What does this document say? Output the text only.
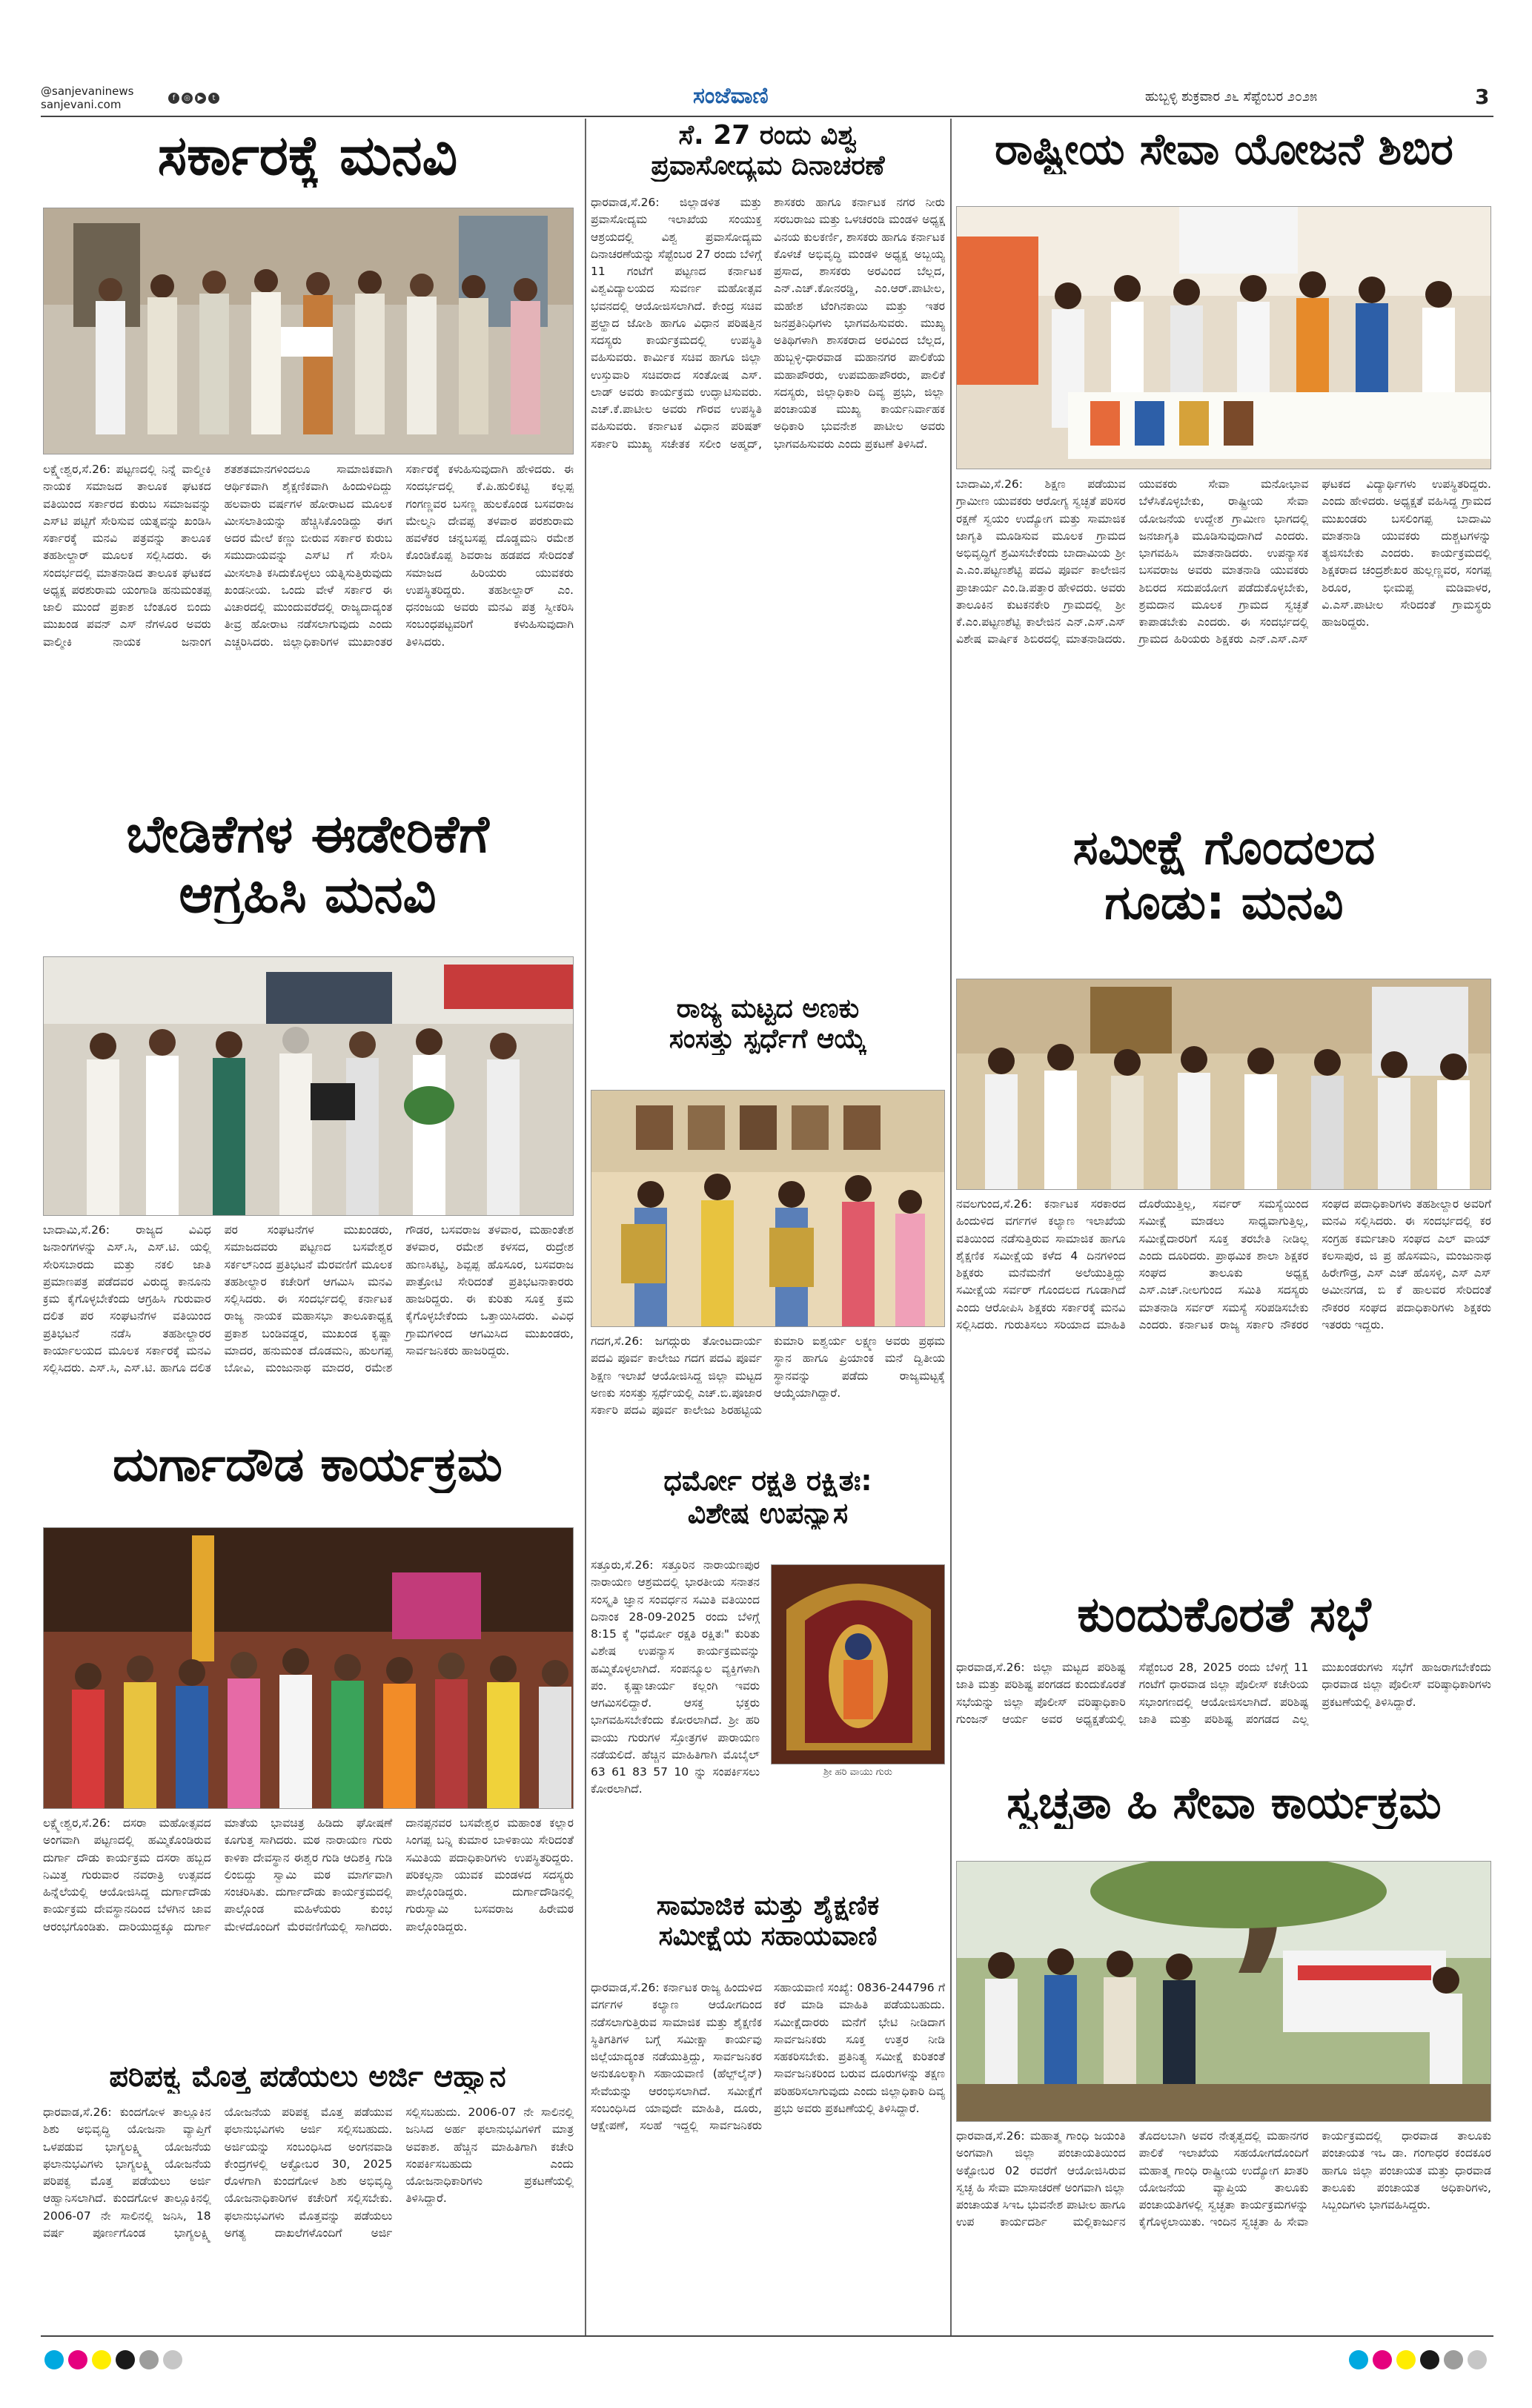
@sanjevaninews
sanjevani.com	f ◎ ▶ t	ಸಂಜೆವಾಣಿ	ಹುಬ್ಬಳ್ಳಿ ಶುಕ್ರವಾರ ೨೬ ಸೆಪ್ಟೆಂಬರ ೨೦೨೫	3
ಸರ್ಕಾರಕ್ಕೆ ಮನವಿ
ಲಕ್ಷ್ಮೇಶ್ವರ,ಸೆ.26: ಪಟ್ಟಣದಲ್ಲಿ ನಿನ್ನೆ ವಾಲ್ಮೀಕಿ ನಾಯಕ ಸಮಾಜದ ತಾಲೂಕ ಘಟಕದ ವತಿಯಿಂದ ಸರ್ಕಾರದ ಕುರುಬ ಸಮಾಜವನ್ನು ಎಸ್‌ಟಿ ಪಟ್ಟಿಗೆ ಸೇರಿಸುವ ಯತ್ನವನ್ನು ಖಂಡಿಸಿ ಸರ್ಕಾರಕ್ಕೆ ಮನವಿ ಪತ್ರವನ್ನು ತಾಲೂಕ ತಹಶೀಲ್ದಾರ್ ಮೂಲಕ ಸಲ್ಲಿಸಿದರು. ಈ ಸಂದರ್ಭದಲ್ಲಿ ಮಾತನಾಡಿದ ತಾಲೂಕ ಘಟಕದ ಅಧ್ಯಕ್ಷ ಪರಶುರಾಮ ಯಂಗಾಡಿ ಹನುಮಂತಪ್ಪ ಜಾಲಿ ಮುಂದೆ ಪ್ರಕಾಶ ಬೆಂತೂರ ಬಿಂದು ಮುಖಂಡ ಪವನ್ ಎಸ್ ನೆಗಳೂರ ಅವರು ವಾಲ್ಮೀಕಿ ನಾಯಕ ಜನಾಂಗ ಶತಶತಮಾನಗಳಿಂದಲೂ ಸಾಮಾಜಿಕವಾಗಿ ಆರ್ಥಿಕವಾಗಿ ಶೈಕ್ಷಣಿಕವಾಗಿ ಹಿಂದುಳಿದಿದ್ದು ಹಲವಾರು ವರ್ಷಗಳ ಹೋರಾಟದ ಮೂಲಕ ಮೀಸಲಾತಿಯನ್ನು ಹೆಚ್ಚಿಸಿಕೊಂಡಿದ್ದು ಈಗ ಅದರ ಮೇಲೆ ಕಣ್ಣು ಬೀರುವ ಸರ್ಕಾರ ಕುರುಬ ಸಮುದಾಯವನ್ನು ಎಸ್‌ಟಿ ಗೆ ಸೇರಿಸಿ ಮೀಸಲಾತಿ ಕಸಿದುಕೊಳ್ಳಲು ಯತ್ನಿಸುತ್ತಿರುವುದು ಖಂಡನೀಯ. ಒಂದು ವೇಳೆ ಸರ್ಕಾರ ಈ ವಿಚಾರದಲ್ಲಿ ಮುಂದುವರೆದಲ್ಲಿ ರಾಜ್ಯದಾದ್ಯಂತ ತೀವ್ರ ಹೋರಾಟ ನಡೆಸಲಾಗುವುದು ಎಂದು ಎಚ್ಚರಿಸಿದರು. ಜಿಲ್ಲಾಧಿಕಾರಿಗಳ ಮುಖಾಂತರ ಸರ್ಕಾರಕ್ಕೆ ಕಳುಹಿಸುವುದಾಗಿ ಹೇಳಿದರು. ಈ ಸಂದರ್ಭದಲ್ಲಿ ಕೆ.ಪಿ.ಹುಲಿಕಟ್ಟಿ ಕಲ್ಲಪ್ಪ ಗಂಗಣ್ಣವರ ಬಸಣ್ಣ ಹುಲಕೊಂಡ ಬಸವರಾಜ ಮೇಲ್ಮನಿ ದೇವಪ್ಪ ತಳವಾರ ಪರಶುರಾಮ ಹವಳೆಕರ ಚನ್ನಬಸಪ್ಪ ದೊಡ್ಡಮನಿ ರಮೇಶ ಕೊಂಡಿಕೊಪ್ಪ ಶಿವರಾಜ ಹಡಪದ ಸೇರಿದಂತೆ ಸಮಾಜದ ಹಿರಿಯರು ಯುವಕರು ಉಪಸ್ಥಿತರಿದ್ದರು. ತಹಶೀಲ್ದಾರ್ ಎಂ. ಧನಂಜಯ ಅವರು ಮನವಿ ಪತ್ರ ಸ್ವೀಕರಿಸಿ ಸಂಬಂಧಪಟ್ಟವರಿಗೆ ಕಳುಹಿಸುವುದಾಗಿ ತಿಳಿಸಿದರು.
ಬೇಡಿಕೆಗಳ ಈಡೇರಿಕೆಗೆ
ಆಗ್ರಹಿಸಿ ಮನವಿ
ಬಾದಾಮಿ,ಸೆ.26: ರಾಜ್ಯದ ವಿವಿಧ ಜನಾಂಗಗಳನ್ನು ಎಸ್.ಸಿ, ಎಸ್.ಟಿ. ಯಲ್ಲಿ ಸೇರಿಸಬಾರದು ಮತ್ತು ನಕಲಿ ಜಾತಿ ಪ್ರಮಾಣಪತ್ರ ಪಡೆದವರ ವಿರುದ್ಧ ಕಾನೂನು ಕ್ರಮ ಕೈಗೊಳ್ಳಬೇಕೆಂದು ಆಗ್ರಹಿಸಿ ಗುರುವಾರ ದಲಿತ ಪರ ಸಂಘಟನೆಗಳ ವತಿಯಿಂದ ಪ್ರತಿಭಟನೆ ನಡೆಸಿ ತಹಶೀಲ್ದಾರರ ಕಾರ್ಯಾಲಯದ ಮೂಲಕ ಸರ್ಕಾರಕ್ಕೆ ಮನವಿ ಸಲ್ಲಿಸಿದರು. ಎಸ್.ಸಿ, ಎಸ್.ಟಿ. ಹಾಗೂ ದಲಿತ ಪರ ಸಂಘಟನೆಗಳ ಮುಖಂಡರು, ಸಮಾಜದವರು ಪಟ್ಟಣದ ಬಸವೇಶ್ವರ ಸರ್ಕಲ್‌ನಿಂದ ಪ್ರತಿಭಟನೆ ಮೆರವಣಿಗೆ ಮೂಲಕ ತಹಶೀಲ್ದಾರ ಕಚೇರಿಗೆ ಆಗಮಿಸಿ ಮನವಿ ಸಲ್ಲಿಸಿದರು. ಈ ಸಂದರ್ಭದಲ್ಲಿ ಕರ್ನಾಟಕ ರಾಜ್ಯ ನಾಯಕ ಮಹಾಸಭಾ ತಾಲೂಕಾಧ್ಯಕ್ಷ ಪ್ರಕಾಶ ಬಂಡಿವಡ್ಡರ, ಮುಖಂಡ ಕೃಷ್ಣಾ ಮಾದರ, ಹನುಮಂತ ದೊಡಮನಿ, ಹುಲಗಪ್ಪ ಬೋವಿ, ಮಂಜುನಾಥ ಮಾದರ, ರಮೇಶ ಗೌಡರ, ಬಸವರಾಜ ತಳವಾರ, ಮಹಾಂತೇಶ ತಳವಾರ, ರಮೇಶ ಕಳಸದ, ರುದ್ರೇಶ ಹುಣಸಿಕಟ್ಟಿ, ಶಿವ್ಪಪ್ಪ ಹೊಸೂರ, ಬಸವರಾಜ ಪಾತ್ರೋಟಿ ಸೇರಿದಂತೆ ಪ್ರತಿಭಟನಾಕಾರರು ಹಾಜರಿದ್ದರು. ಈ ಕುರಿತು ಸೂಕ್ತ ಕ್ರಮ ಕೈಗೊಳ್ಳಬೇಕೆಂದು ಒತ್ತಾಯಿಸಿದರು. ವಿವಿಧ ಗ್ರಾಮಗಳಿಂದ ಆಗಮಿಸಿದ ಮುಖಂಡರು, ಸಾರ್ವಜನಿಕರು ಹಾಜರಿದ್ದರು.
ದುರ್ಗಾದೌಡ ಕಾರ್ಯಕ್ರಮ
ಲಕ್ಷ್ಮೇಶ್ವರ,ಸೆ.26: ದಸರಾ ಮಹೋತ್ಸವದ ಅಂಗವಾಗಿ ಪಟ್ಟಣದಲ್ಲಿ ಹಮ್ಮಿಕೊಂಡಿರುವ ದುರ್ಗಾ ದೌಡು ಕಾರ್ಯಕ್ರಮ ದಸರಾ ಹಬ್ಬದ ನಿಮಿತ್ತ ಗುರುವಾರ ನವರಾತ್ರಿ ಉತ್ಸವದ ಹಿನ್ನೆಲೆಯಲ್ಲಿ ಆಯೋಜಿಸಿದ್ದ ದುರ್ಗಾದೌಡು ಕಾರ್ಯಕ್ರಮ ದೇವಸ್ಥಾನದಿಂದ ಬೆಳಗಿನ ಜಾವ ಆರಂಭಗೊಂಡಿತು. ದಾರಿಯುದ್ದಕ್ಕೂ ದುರ್ಗಾ ಮಾತೆಯ ಭಾವಚಿತ್ರ ಹಿಡಿದು ಘೋಷಣೆ ಕೂಗುತ್ತ ಸಾಗಿದರು. ಮಠ ನಾರಾಯಣ ಗುರು ಕಾಳಿಕಾ ದೇವಸ್ಥಾನ ಈಶ್ವರ ಗುಡಿ ಆದಿಶಕ್ತಿ ಗುಡಿ ಲಿಂಬಿದ್ದು ಸ್ವಾಮಿ ಮಠ ಮಾರ್ಗವಾಗಿ ಸಂಚರಿಸಿತು. ದುರ್ಗಾದೌಡು ಕಾರ್ಯಕ್ರಮದಲ್ಲಿ ಪಾಲ್ಗೊಂಡ ಮಹಿಳೆಯರು ಕುಂಭ ಮೇಳದೊಂದಿಗೆ ಮೆರವಣಿಗೆಯಲ್ಲಿ ಸಾಗಿದರು. ದಾನಪ್ಪನವರ ಬಸವೇಶ್ವರ ಮಹಾಂತ ಕಲ್ಲಾರ ಸಿಂಗಪ್ಪ ಬನ್ನಿ ಕುಮಾರ ಬಾಳಿಕಾಯಿ ಸೇರಿದಂತೆ ಸಮಿತಿಯ ಪದಾಧಿಕಾರಿಗಳು ಉಪಸ್ಥಿತರಿದ್ದರು. ಪರಿಕಲ್ಪನಾ ಯುವಕ ಮಂಡಳದ ಸದಸ್ಯರು ಪಾಲ್ಗೊಂಡಿದ್ದರು. ದುರ್ಗಾದೌಡಿನಲ್ಲಿ ಗುರುಸ್ವಾಮಿ ಬಸವರಾಜ ಹಿರೇಮಠ ಪಾಲ್ಗೊಂಡಿದ್ದರು.
ಪರಿಪಕ್ವ ಮೊತ್ತ ಪಡೆಯಲು ಅರ್ಜಿ ಆಹ್ವಾನ
ಧಾರವಾಡ,ಸೆ.26: ಕುಂದಗೋಳ ತಾಲ್ಲೂಕಿನ ಶಿಶು ಅಭಿವೃದ್ಧಿ ಯೋಜನಾ ವ್ಯಾಪ್ತಿಗೆ ಒಳಪಡುವ ಭಾಗ್ಯಲಕ್ಷ್ಮಿ ಯೋಜನೆಯ ಫಲಾನುಭವಿಗಳು ಭಾಗ್ಯಲಕ್ಷ್ಮಿ ಯೋಜನೆಯ ಪರಿಪಕ್ವ ಮೊತ್ತ ಪಡೆಯಲು ಅರ್ಜಿ ಆಹ್ವಾನಿಸಲಾಗಿದೆ. ಕುಂದಗೋಳ ತಾಲ್ಲೂಕಿನಲ್ಲಿ 2006-07 ನೇ ಸಾಲಿನಲ್ಲಿ ಜನಿಸಿ, 18 ವರ್ಷ ಪೂರ್ಣಗೊಂಡ ಭಾಗ್ಯಲಕ್ಷ್ಮಿ ಯೋಜನೆಯ ಪರಿಪಕ್ವ ಮೊತ್ತ ಪಡೆಯುವ ಫಲಾನುಭವಿಗಳು ಅರ್ಜಿ ಸಲ್ಲಿಸಬಹುದು. ಅರ್ಜಿಯನ್ನು ಸಂಬಂಧಿಸಿದ ಅಂಗನವಾಡಿ ಕೇಂದ್ರಗಳಲ್ಲಿ ಅಕ್ಟೋಬರ 30, 2025 ರೊಳಗಾಗಿ ಕುಂದಗೋಳ ಶಿಶು ಅಭಿವೃದ್ಧಿ ಯೋಜನಾಧಿಕಾರಿಗಳ ಕಚೇರಿಗೆ ಸಲ್ಲಿಸಬೇಕು. ಫಲಾನುಭವಿಗಳು ಮೊತ್ತವನ್ನು ಪಡೆಯಲು ಅಗತ್ಯ ದಾಖಲೆಗಳೊಂದಿಗೆ ಅರ್ಜಿ ಸಲ್ಲಿಸಬಹುದು. 2006-07 ನೇ ಸಾಲಿನಲ್ಲಿ ಜನಿಸಿದ ಅರ್ಹ ಫಲಾನುಭವಿಗಳಿಗೆ ಮಾತ್ರ ಅವಕಾಶ. ಹೆಚ್ಚಿನ ಮಾಹಿತಿಗಾಗಿ ಕಚೇರಿ ಸಂಪರ್ಕಿಸಬಹುದು ಎಂದು ಯೋಜನಾಧಿಕಾರಿಗಳು ಪ್ರಕಟಣೆಯಲ್ಲಿ ತಿಳಿಸಿದ್ದಾರೆ.
ಸೆ. 27 ರಂದು ವಿಶ್ವ
ಪ್ರವಾಸೋದ್ಯಮ ದಿನಾಚರಣೆ
ಧಾರವಾಡ,ಸೆ.26: ಜಿಲ್ಲಾಡಳಿತ ಮತ್ತು ಪ್ರವಾಸೋದ್ಯಮ ಇಲಾಖೆಯ ಸಂಯುಕ್ತ ಆಶ್ರಯದಲ್ಲಿ ವಿಶ್ವ ಪ್ರವಾಸೋದ್ಯಮ ದಿನಾಚರಣೆಯನ್ನು ಸೆಪ್ಟೆಂಬರ 27 ರಂದು ಬೆಳಿಗ್ಗೆ 11 ಗಂಟೆಗೆ ಪಟ್ಟಣದ ಕರ್ನಾಟಕ ವಿಶ್ವವಿದ್ಯಾಲಯದ ಸುವರ್ಣ ಮಹೋತ್ಸವ ಭವನದಲ್ಲಿ ಆಯೋಜಿಸಲಾಗಿದೆ. ಕೇಂದ್ರ ಸಚಿವ ಪ್ರಲ್ಹಾದ ಜೋಶಿ ಹಾಗೂ ವಿಧಾನ ಪರಿಷತ್ತಿನ ಸದಸ್ಯರು ಕಾರ್ಯಕ್ರಮದಲ್ಲಿ ಉಪಸ್ಥಿತಿ ವಹಿಸುವರು. ಕಾರ್ಮಿಕ ಸಚಿವ ಹಾಗೂ ಜಿಲ್ಲಾ ಉಸ್ತುವಾರಿ ಸಚಿವರಾದ ಸಂತೋಷ ಎಸ್. ಲಾಡ್ ಅವರು ಕಾರ್ಯಕ್ರಮ ಉದ್ಘಾಟಿಸುವರು. ಎಚ್.ಕೆ.ಪಾಟೀಲ ಅವರು ಗೌರವ ಉಪಸ್ಥಿತಿ ವಹಿಸುವರು. ಕರ್ನಾಟಕ ವಿಧಾನ ಪರಿಷತ್ ಸರ್ಕಾರಿ ಮುಖ್ಯ ಸಚೇತಕ ಸಲೀಂ ಅಹ್ಮದ್, ಶಾಸಕರು ಹಾಗೂ ಕರ್ನಾಟಕ ನಗರ ನೀರು ಸರಬರಾಜು ಮತ್ತು ಒಳಚರಂಡಿ ಮಂಡಳಿ ಅಧ್ಯಕ್ಷ ವಿನಯ ಕುಲಕರ್ಣಿ, ಶಾಸಕರು ಹಾಗೂ ಕರ್ನಾಟಕ ಕೊಳಚೆ ಅಭಿವೃದ್ಧಿ ಮಂಡಳಿ ಅಧ್ಯಕ್ಷ ಅಬ್ಬಯ್ಯ ಪ್ರಸಾದ, ಶಾಸಕರು ಅರವಿಂದ ಬೆಲ್ಲದ, ಎನ್.ಎಚ್.ಕೋನರಡ್ಡಿ, ಎಂ.ಆರ್.ಪಾಟೀಲ, ಮಹೇಶ ಟೆಂಗಿನಕಾಯಿ ಮತ್ತು ಇತರ ಜನಪ್ರತಿನಿಧಿಗಳು ಭಾಗವಹಿಸುವರು. ಮುಖ್ಯ ಅತಿಥಿಗಳಾಗಿ ಶಾಸಕರಾದ ಅರವಿಂದ ಬೆಲ್ಲದ, ಹುಬ್ಬಳ್ಳಿ-ಧಾರವಾಡ ಮಹಾನಗರ ಪಾಲಿಕೆಯ ಮಹಾಪೌರರು, ಉಪಮಹಾಪೌರರು, ಪಾಲಿಕೆ ಸದಸ್ಯರು, ಜಿಲ್ಲಾಧಿಕಾರಿ ದಿವ್ಯ ಪ್ರಭು, ಜಿಲ್ಲಾ ಪಂಚಾಯತ ಮುಖ್ಯ ಕಾರ್ಯನಿರ್ವಾಹಕ ಅಧಿಕಾರಿ ಭುವನೇಶ ಪಾಟೀಲ ಅವರು ಭಾಗವಹಿಸುವರು ಎಂದು ಪ್ರಕಟಣೆ ತಿಳಿಸಿದೆ.
ರಾಜ್ಯ ಮಟ್ಟದ ಅಣಕು
ಸಂಸತ್ತು ಸ್ಪರ್ಧೆಗೆ ಆಯ್ಕೆ
ಗದಗ,ಸೆ.26: ಜಗದ್ಗುರು ತೋಂಟದಾರ್ಯ ಪದವಿ ಪೂರ್ವ ಕಾಲೇಜು ಗದಗ ಪದವಿ ಪೂರ್ವ ಶಿಕ್ಷಣ ಇಲಾಖೆ ಆಯೋಜಿಸಿದ್ದ ಜಿಲ್ಲಾ ಮಟ್ಟದ ಅಣಕು ಸಂಸತ್ತು ಸ್ಪರ್ಧೆಯಲ್ಲಿ ಎಚ್.ಬಿ.ಪೂಜಾರ ಸರ್ಕಾರಿ ಪದವಿ ಪೂರ್ವ ಕಾಲೇಜು ಶಿರಹಟ್ಟಿಯ ಕುಮಾರಿ ಐಶ್ವರ್ಯ ಲಕ್ಷ್ಮಣ ಅವರು ಪ್ರಥಮ ಸ್ಥಾನ ಹಾಗೂ ಪ್ರಿಯಾಂಕ ಮನೆ ದ್ವಿತೀಯ ಸ್ಥಾನವನ್ನು ಪಡೆದು ರಾಜ್ಯಮಟ್ಟಕ್ಕೆ ಆಯ್ಕೆಯಾಗಿದ್ದಾರೆ.
ಧರ್ಮೋ ರಕ್ಷತಿ ರಕ್ಷಿತಃ:
ವಿಶೇಷ ಉಪನ್ಯಾಸ
ಸತ್ತೂರು,ಸೆ.26: ಸತ್ತೂರಿನ ನಾರಾಯಣಪುರ ನಾರಾಯಣ ಆಶ್ರಮದಲ್ಲಿ ಭಾರತೀಯ ಸನಾತನ ಸಂಸ್ಕೃತಿ ಜ್ಞಾನ ಸಂವರ್ಧನ ಸಮಿತಿ ವತಿಯಿಂದ ದಿನಾಂಕ 28-09-2025 ರಂದು ಬೆಳಿಗ್ಗೆ 8:15 ಕ್ಕೆ "ಧರ್ಮೋ ರಕ್ಷತಿ ರಕ್ಷಿತಃ" ಕುರಿತು ವಿಶೇಷ ಉಪನ್ಯಾಸ ಕಾರ್ಯಕ್ರಮವನ್ನು ಹಮ್ಮಿಕೊಳ್ಳಲಾಗಿದೆ. ಸಂಪನ್ಮೂಲ ವ್ಯಕ್ತಿಗಳಾಗಿ ಪಂ. ಕೃಷ್ಣಾಚಾರ್ಯ ಕಲ್ಲಂಗಿ ಇವರು ಆಗಮಿಸಲಿದ್ದಾರೆ. ಆಸಕ್ತ ಭಕ್ತರು ಭಾಗವಹಿಸಬೇಕೆಂದು ಕೋರಲಾಗಿದೆ. ಶ್ರೀ ಹರಿ ವಾಯು ಗುರುಗಳ ಸ್ತೋತ್ರಗಳ ಪಾರಾಯಣ ನಡೆಯಲಿದೆ. ಹೆಚ್ಚಿನ ಮಾಹಿತಿಗಾಗಿ ಮೊಬೈಲ್ 63 61 83 57 10 ನ್ನು ಸಂಪರ್ಕಿಸಲು ಕೋರಲಾಗಿದೆ.
ಶ್ರೀ ಹರಿ ವಾಯು ಗುರು
ಸಾಮಾಜಿಕ ಮತ್ತು ಶೈಕ್ಷಣಿಕ
ಸಮೀಕ್ಷೆಯ ಸಹಾಯವಾಣಿ
ಧಾರವಾಡ,ಸೆ.26: ಕರ್ನಾಟಕ ರಾಜ್ಯ ಹಿಂದುಳಿದ ವರ್ಗಗಳ ಕಲ್ಯಾಣ ಆಯೋಗದಿಂದ ನಡೆಸಲಾಗುತ್ತಿರುವ ಸಾಮಾಜಿಕ ಮತ್ತು ಶೈಕ್ಷಣಿಕ ಸ್ಥಿತಿಗತಿಗಳ ಬಗ್ಗೆ ಸಮೀಕ್ಷಾ ಕಾರ್ಯವು ಜಿಲ್ಲೆಯಾದ್ಯಂತ ನಡೆಯುತ್ತಿದ್ದು, ಸಾರ್ವಜನಿಕರ ಅನುಕೂಲಕ್ಕಾಗಿ ಸಹಾಯವಾಣಿ (ಹೆಲ್ಪ್‌ಲೈನ್) ಸೇವೆಯನ್ನು ಆರಂಭಿಸಲಾಗಿದೆ. ಸಮೀಕ್ಷೆಗೆ ಸಂಬಂಧಿಸಿದ ಯಾವುದೇ ಮಾಹಿತಿ, ದೂರು, ಆಕ್ಷೇಪಣೆ, ಸಲಹೆ ಇದ್ದಲ್ಲಿ ಸಾರ್ವಜನಿಕರು ಸಹಾಯವಾಣಿ ಸಂಖ್ಯೆ: 0836-244796 ಗೆ ಕರೆ ಮಾಡಿ ಮಾಹಿತಿ ಪಡೆಯಬಹುದು. ಸಮೀಕ್ಷೆದಾರರು ಮನೆಗೆ ಭೇಟಿ ನೀಡಿದಾಗ ಸಾರ್ವಜನಿಕರು ಸೂಕ್ತ ಉತ್ತರ ನೀಡಿ ಸಹಕರಿಸಬೇಕು. ಪ್ರತಿನಿತ್ಯ ಸಮೀಕ್ಷೆ ಕುರಿತಂತೆ ಸಾರ್ವಜನಿಕರಿಂದ ಬರುವ ದೂರುಗಳನ್ನು ತಕ್ಷಣ ಪರಿಹರಿಸಲಾಗುವುದು ಎಂದು ಜಿಲ್ಲಾಧಿಕಾರಿ ದಿವ್ಯ ಪ್ರಭು ಅವರು ಪ್ರಕಟಣೆಯಲ್ಲಿ ತಿಳಿಸಿದ್ದಾರೆ.
ರಾಷ್ಟ್ರೀಯ ಸೇವಾ ಯೋಜನೆ ಶಿಬಿರ
ಬಾದಾಮಿ,ಸೆ.26: ಶಿಕ್ಷಣ ಪಡೆಯುವ ಗ್ರಾಮೀಣ ಯುವಕರು ಆರೋಗ್ಯ ಸ್ವಚ್ಛತೆ ಪರಿಸರ ರಕ್ಷಣೆ ಸ್ವಯಂ ಉದ್ಯೋಗ ಮತ್ತು ಸಾಮಾಜಿಕ ಜಾಗೃತಿ ಮೂಡಿಸುವ ಮೂಲಕ ಗ್ರಾಮದ ಅಭಿವೃದ್ಧಿಗೆ ಶ್ರಮಿಸಬೇಕೆಂದು ಬಾದಾಮಿಯ ಶ್ರೀ ಎ.ಎಂ.ಪಟ್ಟಣಶೆಟ್ಟಿ ಪದವಿ ಪೂರ್ವ ಕಾಲೇಜಿನ ಪ್ರಾಚಾರ್ಯ ಎಂ.ಡಿ.ಪತ್ತಾರ ಹೇಳಿದರು. ಅವರು ತಾಲೂಕಿನ ಕುಟಕನಕೇರಿ ಗ್ರಾಮದಲ್ಲಿ ಶ್ರೀ ಕೆ.ಎಂ.ಪಟ್ಟಣಶೆಟ್ಟಿ ಕಾಲೇಜಿನ ಎನ್.ಎಸ್.ಎಸ್ ವಿಶೇಷ ವಾರ್ಷಿಕ ಶಿಬಿರದಲ್ಲಿ ಮಾತನಾಡಿದರು. ಯುವಕರು ಸೇವಾ ಮನೋಭಾವ ಬೆಳೆಸಿಕೊಳ್ಳಬೇಕು, ರಾಷ್ಟ್ರೀಯ ಸೇವಾ ಯೋಜನೆಯ ಉದ್ದೇಶ ಗ್ರಾಮೀಣ ಭಾಗದಲ್ಲಿ ಜನಜಾಗೃತಿ ಮೂಡಿಸುವುದಾಗಿದೆ ಎಂದರು. ಭಾಗವಹಿಸಿ ಮಾತನಾಡಿದರು. ಉಪನ್ಯಾಸಕ ಬಸವರಾಜ ಅವರು ಮಾತನಾಡಿ ಯುವಕರು ಶಿಬಿರದ ಸದುಪಯೋಗ ಪಡೆದುಕೊಳ್ಳಬೇಕು, ಶ್ರಮದಾನ ಮೂಲಕ ಗ್ರಾಮದ ಸ್ವಚ್ಛತೆ ಕಾಪಾಡಬೇಕು ಎಂದರು. ಈ ಸಂದರ್ಭದಲ್ಲಿ ಗ್ರಾಮದ ಹಿರಿಯರು ಶಿಕ್ಷಕರು ಎನ್.ಎಸ್.ಎಸ್ ಘಟಕದ ವಿದ್ಯಾರ್ಥಿಗಳು ಉಪಸ್ಥಿತರಿದ್ದರು. ಎಂದು ಹೇಳಿದರು. ಅಧ್ಯಕ್ಷತೆ ವಹಿಸಿದ್ದ ಗ್ರಾಮದ ಮುಖಂಡರು ಬಸಲಿಂಗಪ್ಪ ಬಾದಾಮಿ ಮಾತನಾಡಿ ಯುವಕರು ದುಶ್ಚಟಗಳನ್ನು ತ್ಯಜಿಸಬೇಕು ಎಂದರು. ಕಾರ್ಯಕ್ರಮದಲ್ಲಿ ಶಿಕ್ಷಕರಾದ ಚಂದ್ರಶೇಖರ ಹುಲ್ಲಣ್ಣವರ, ಸಂಗಪ್ಪ ಶಿರೂರ, ಭೀಮಪ್ಪ ಮಡಿವಾಳರ, ವಿ.ಎಸ್.ಪಾಟೀಲ ಸೇರಿದಂತೆ ಗ್ರಾಮಸ್ಥರು ಹಾಜರಿದ್ದರು.
ಸಮೀಕ್ಷೆ ಗೊಂದಲದ
ಗೂಡು: ಮನವಿ
ನವಲಗುಂದ,ಸೆ.26: ಕರ್ನಾಟಕ ಸರಕಾರದ ಹಿಂದುಳಿದ ವರ್ಗಗಳ ಕಲ್ಯಾಣ ಇಲಾಖೆಯ ವತಿಯಿಂದ ನಡೆಸುತ್ತಿರುವ ಸಾಮಾಜಿಕ ಹಾಗೂ ಶೈಕ್ಷಣಿಕ ಸಮೀಕ್ಷೆಯ ಕಳೆದ 4 ದಿನಗಳಿಂದ ಶಿಕ್ಷಕರು ಮನೆಮನೆಗೆ ಅಲೆಯುತ್ತಿದ್ದು ಸಮೀಕ್ಷೆಯ ಸರ್ವರ್ ಗೊಂದಲದ ಗೂಡಾಗಿದೆ ಎಂದು ಆರೋಪಿಸಿ ಶಿಕ್ಷಕರು ಸರ್ಕಾರಕ್ಕೆ ಮನವಿ ಸಲ್ಲಿಸಿದರು. ಗುರುತಿಸಲು ಸರಿಯಾದ ಮಾಹಿತಿ ದೊರೆಯುತ್ತಿಲ್ಲ, ಸರ್ವರ್ ಸಮಸ್ಯೆಯಿಂದ ಸಮೀಕ್ಷೆ ಮಾಡಲು ಸಾಧ್ಯವಾಗುತ್ತಿಲ್ಲ, ಸಮೀಕ್ಷೆದಾರರಿಗೆ ಸೂಕ್ತ ತರಬೇತಿ ನೀಡಿಲ್ಲ ಎಂದು ದೂರಿದರು. ಪ್ರಾಥಮಿಕ ಶಾಲಾ ಶಿಕ್ಷಕರ ಸಂಘದ ತಾಲೂಕು ಅಧ್ಯಕ್ಷ ಎಸ್.ಎಚ್.ನೀಲಗುಂದ ಸಮಿತಿ ಸದಸ್ಯರು ಮಾತನಾಡಿ ಸರ್ವರ್ ಸಮಸ್ಯೆ ಸರಿಪಡಿಸಬೇಕು ಎಂದರು. ಕರ್ನಾಟಕ ರಾಜ್ಯ ಸರ್ಕಾರಿ ನೌಕರರ ಸಂಘದ ಪದಾಧಿಕಾರಿಗಳು ತಹಶೀಲ್ದಾರ ಅವರಿಗೆ ಮನವಿ ಸಲ್ಲಿಸಿದರು. ಈ ಸಂದರ್ಭದಲ್ಲಿ ಕರ ಸಂಗ್ರಹ ಕರ್ಮಚಾರಿ ಸಂಘದ ಎಲ್ ವಾಯ್ ಕಲಸಾಪುರ, ಜಿ ಪ್ರ ಹೊಸಮನಿ, ಮಂಜುನಾಥ ಹಿರೇಗೌಡ್ರ, ಎಸ್ ಎಚ್ ಹೊಸಳ್ಳಿ, ಎಸ್ ಎಸ್ ಅಮೀನಗಡ, ಬಿ ಕೆ ಹಾಲವರ ಸೇರಿದಂತೆ ನೌಕರರ ಸಂಘದ ಪದಾಧಿಕಾರಿಗಳು ಶಿಕ್ಷಕರು ಇತರರು ಇದ್ದರು.
ಕುಂದುಕೊರತೆ ಸಭೆ
ಧಾರವಾಡ,ಸೆ.26: ಜಿಲ್ಲಾ ಮಟ್ಟದ ಪರಿಶಿಷ್ಟ ಜಾತಿ ಮತ್ತು ಪರಿಶಿಷ್ಟ ಪಂಗಡದ ಕುಂದುಕೊರತೆ ಸಭೆಯನ್ನು ಜಿಲ್ಲಾ ಪೊಲೀಸ್ ವರಿಷ್ಠಾಧಿಕಾರಿ ಗುಂಜನ್ ಆರ್ಯ ಅವರ ಅಧ್ಯಕ್ಷತೆಯಲ್ಲಿ ಸೆಪ್ಟೆಂಬರ 28, 2025 ರಂದು ಬೆಳಿಗ್ಗೆ 11 ಗಂಟೆಗೆ ಧಾರವಾಡ ಜಿಲ್ಲಾ ಪೊಲೀಸ್ ಕಚೇರಿಯ ಸಭಾಂಗಣದಲ್ಲಿ ಆಯೋಜಿಸಲಾಗಿದೆ. ಪರಿಶಿಷ್ಟ ಜಾತಿ ಮತ್ತು ಪರಿಶಿಷ್ಟ ಪಂಗಡದ ಎಲ್ಲ ಮುಖಂಡರುಗಳು ಸಭೆಗೆ ಹಾಜರಾಗಬೇಕೆಂದು ಧಾರವಾಡ ಜಿಲ್ಲಾ ಪೊಲೀಸ್ ವರಿಷ್ಠಾಧಿಕಾರಿಗಳು ಪ್ರಕಟಣೆಯಲ್ಲಿ ತಿಳಿಸಿದ್ದಾರೆ.
ಸ್ವಚ್ಛತಾ ಹಿ ಸೇವಾ ಕಾರ್ಯಕ್ರಮ
ಧಾರವಾಡ,ಸೆ.26: ಮಹಾತ್ಮ ಗಾಂಧಿ ಜಯಂತಿ ಅಂಗವಾಗಿ ಜಿಲ್ಲಾ ಪಂಚಾಯತಿಯಿಂದ ಅಕ್ಟೋಬರ 02 ರವರೆಗೆ ಆಯೋಜಿಸಿರುವ ಸ್ವಚ್ಛ ಹಿ ಸೇವಾ ಮಾಸಾಚರಣೆ ಅಂಗವಾಗಿ ಜಿಲ್ಲಾ ಪಂಚಾಯತ ಸಿಇಒ ಭುವನೇಶ ಪಾಟೀಲ ಹಾಗೂ ಉಪ ಕಾರ್ಯದರ್ಶಿ ಮಲ್ಲಿಕಾರ್ಜುನ ತೊದಲಬಾಗಿ ಅವರ ನೇತೃತ್ವದಲ್ಲಿ ಮಹಾನಗರ ಪಾಲಿಕೆ ಇಲಾಖೆಯ ಸಹಯೋಗದೊಂದಿಗೆ ಮಹಾತ್ಮ ಗಾಂಧಿ ರಾಷ್ಟ್ರೀಯ ಉದ್ಯೋಗ ಖಾತರಿ ಯೋಜನೆಯ ವ್ಯಾಪ್ತಿಯ ತಾಲೂಕು ಪಂಚಾಯತಿಗಳಲ್ಲಿ ಸ್ವಚ್ಛತಾ ಕಾರ್ಯಕ್ರಮಗಳನ್ನು ಕೈಗೊಳ್ಳಲಾಯಿತು. ಇಂದಿನ ಸ್ವಚ್ಛತಾ ಹಿ ಸೇವಾ ಕಾರ್ಯಕ್ರಮದಲ್ಲಿ ಧಾರವಾಡ ತಾಲೂಕು ಪಂಚಾಯತ ಇಒ ಡಾ. ಗಂಗಾಧರ ಕಂದಕೂರ ಹಾಗೂ ಜಿಲ್ಲಾ ಪಂಚಾಯತ ಮತ್ತು ಧಾರವಾಡ ತಾಲೂಕು ಪಂಚಾಯತ ಅಧಿಕಾರಿಗಳು, ಸಿಬ್ಬಂದಿಗಳು ಭಾಗವಹಿಸಿದ್ದರು.
